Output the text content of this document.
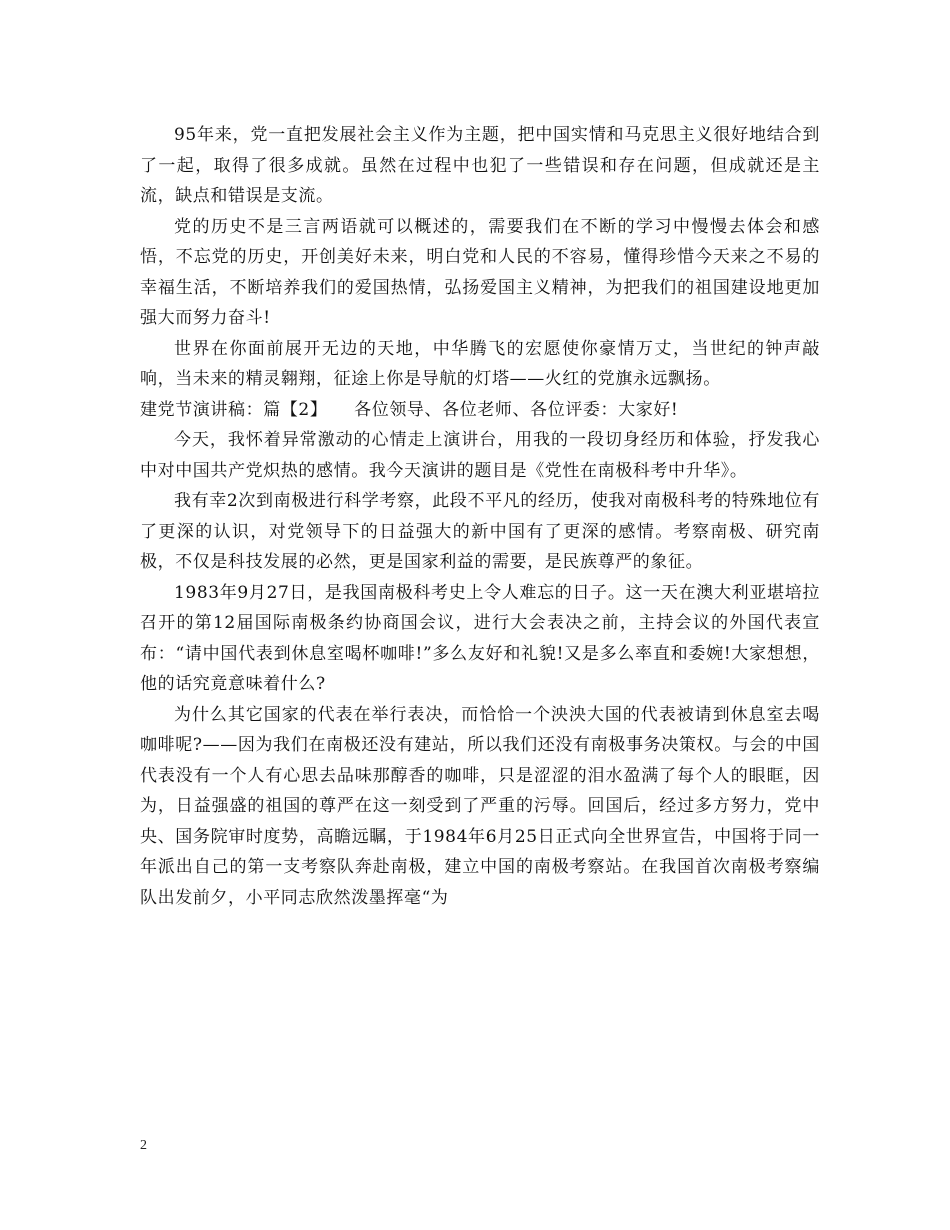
95年来，党一直把发展社会主义作为主题，把中国实情和马克思主义很好地结合到了一起，取得了很多成就。虽然在过程中也犯了一些错误和存在问题，但成就还是主流，缺点和错误是支流。

党的历史不是三言两语就可以概述的，需要我们在不断的学习中慢慢去体会和感悟，不忘党的历史，开创美好未来，明白党和人民的不容易，懂得珍惜今天来之不易的幸福生活，不断培养我们的爱国热情，弘扬爱国主义精神，为把我们的祖国建设地更加强大而努力奋斗!

世界在你面前展开无边的天地，中华腾飞的宏愿使你豪情万丈，当世纪的钟声敲响，当未来的精灵翱翔，征途上你是导航的灯塔——火红的党旗永远飘扬。

建党节演讲稿：篇【2】　　各位领导、各位老师、各位评委：大家好!

今天，我怀着异常激动的心情走上演讲台，用我的一段切身经历和体验，抒发我心中对中国共产党炽热的感情。我今天演讲的题目是《党性在南极科考中升华》。

我有幸2次到南极进行科学考察，此段不平凡的经历，使我对南极科考的特殊地位有了更深的认识，对党领导下的日益强大的新中国有了更深的感情。考察南极、研究南极，不仅是科技发展的必然，更是国家利益的需要，是民族尊严的象征。

1983年9月27日，是我国南极科考史上令人难忘的日子。这一天在澳大利亚堪培拉召开的第12届国际南极条约协商国会议，进行大会表决之前，主持会议的外国代表宣布：“请中国代表到休息室喝杯咖啡!”多么友好和礼貌!又是多么率直和委婉!大家想想，他的话究竟意味着什么?

为什么其它国家的代表在举行表决，而恰恰一个泱泱大国的代表被请到休息室去喝咖啡呢?——因为我们在南极还没有建站，所以我们还没有南极事务决策权。与会的中国代表没有一个人有心思去品味那醇香的咖啡，只是涩涩的泪水盈满了每个人的眼眶，因为，日益强盛的祖国的尊严在这一刻受到了严重的污辱。回国后，经过多方努力，党中央、国务院审时度势，高瞻远瞩，于1984年6月25日正式向全世界宣告，中国将于同一年派出自己的第一支考察队奔赴南极，建立中国的南极考察站。在我国首次南极考察编队出发前夕，小平同志欣然泼墨挥毫“为

2
